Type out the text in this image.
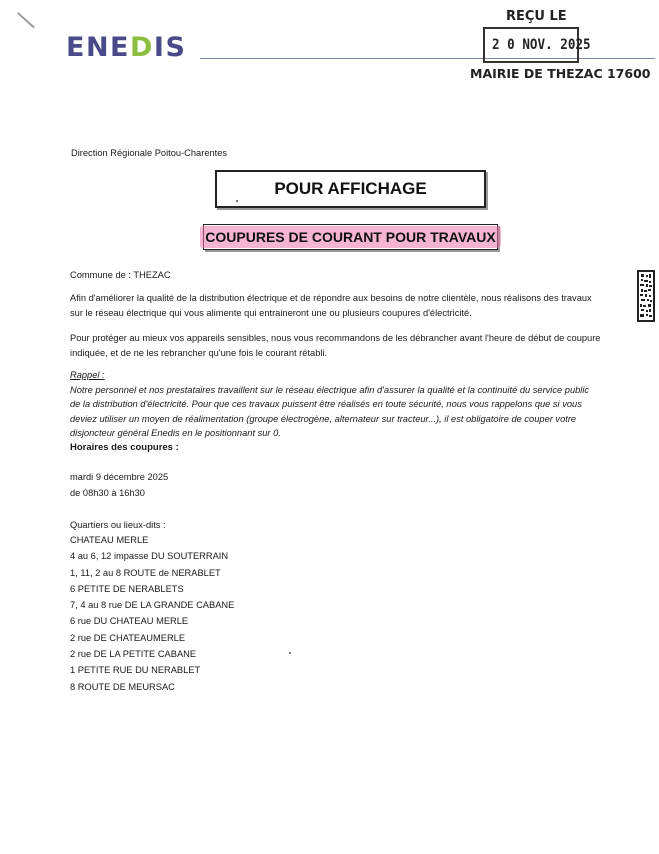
ENEDIS
REÇU LE
2 0 NOV. 2025
MAIRIE DE THEZAC 17600
Direction Régionale Poitou-Charentes
POUR AFFICHAGE
COUPURES DE COURANT POUR TRAVAUX
Commune de : THEZAC
Afin d'améliorer la qualité de la distribution électrique et de répondre aux besoins de notre clientèle, nous réalisons des travaux
sur le réseau électrique qui vous alimente qui entraineront une ou plusieurs coupures d'électricité.
Pour protéger au mieux vos appareils sensibles, nous vous recommandons de les débrancher avant l'heure de début de coupure
indiquée, et de ne les rebrancher qu'une fois le courant rétabli.
Rappel :
Notre personnel et nos prestataires travaillent sur le réseau électrique afin d'assurer la qualité et la continuité du service public
de la distribution d'électricité. Pour que ces travaux puissent être réalisés en toute sécurité, nous vous rappelons que si vous
deviez utiliser un moyen de réalimentation (groupe électrogène, alternateur sur tracteur...), il est obligatoire de couper votre
disjoncteur général Enedis en le positionnant sur 0.
Horaires des coupures :
mardi 9 décembre 2025
de 08h30 à 16h30
Quartiers ou lieux-dits :
CHATEAU MERLE
4 au 6, 12 impasse DU SOUTERRAIN
1, 11, 2 au 8 ROUTE de NERABLET
6 PETITE DE NERABLETS
7, 4 au 8 rue DE LA GRANDE CABANE
6 rue DU CHATEAU MERLE
2 rue DE CHATEAUMERLE
2 rue DE LA PETITE CABANE
1 PETITE RUE DU NERABLET
8 ROUTE DE MEURSAC
